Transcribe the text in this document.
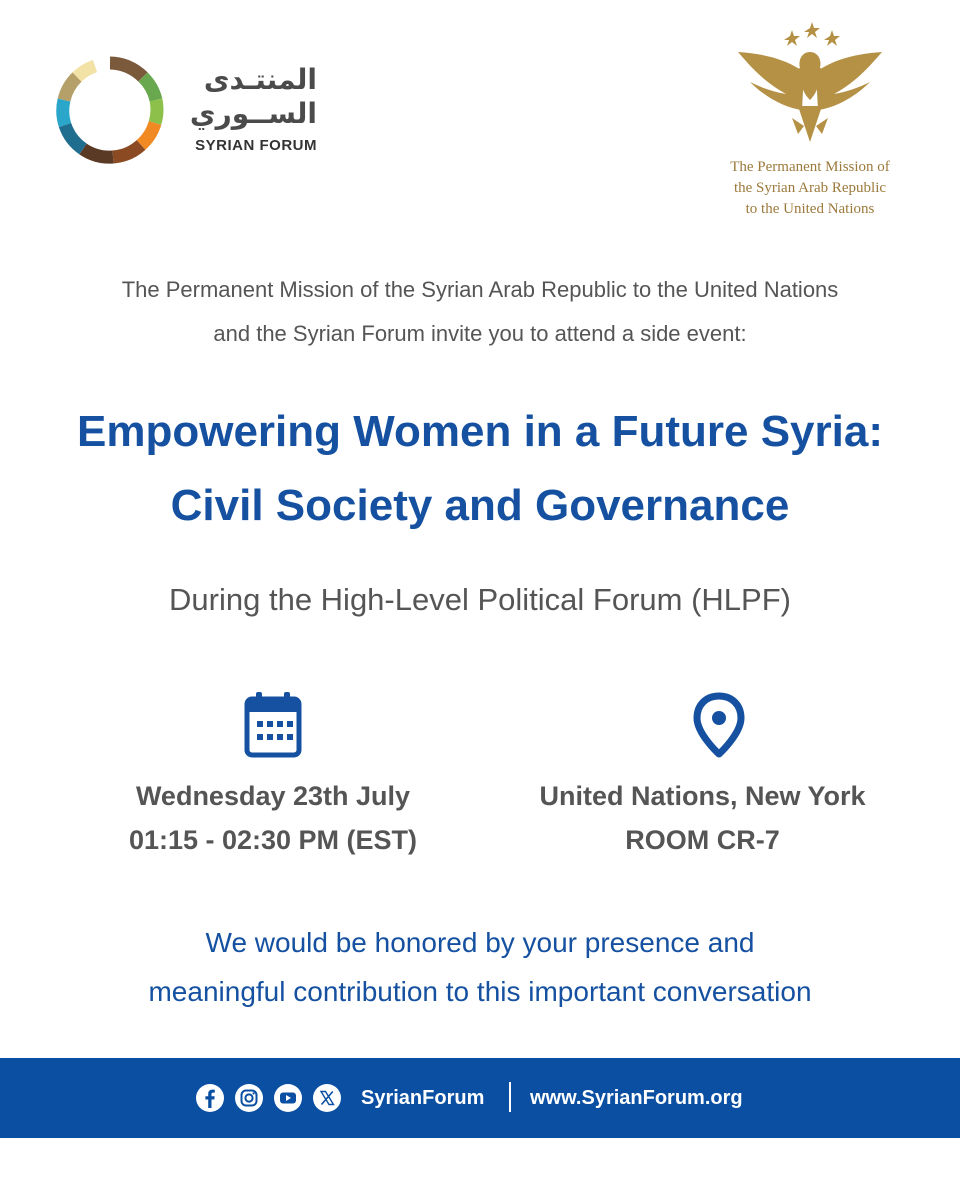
المنتـدى
الســوري
SYRIAN FORUM
The Permanent Mission of
the Syrian Arab Republic
to the United Nations
The Permanent Mission of the Syrian Arab Republic to the United Nations
and the Syrian Forum invite you to attend a side event:
Empowering Women in a Future Syria:
Civil Society and Governance
During the High-Level Political Forum (HLPF)
Wednesday 23th July
01:15 - 02:30 PM (EST)
United Nations, New York
ROOM CR-7
We would be honored by your presence and
meaningful contribution to this important conversation
SyrianForum www.SyrianForum.org
